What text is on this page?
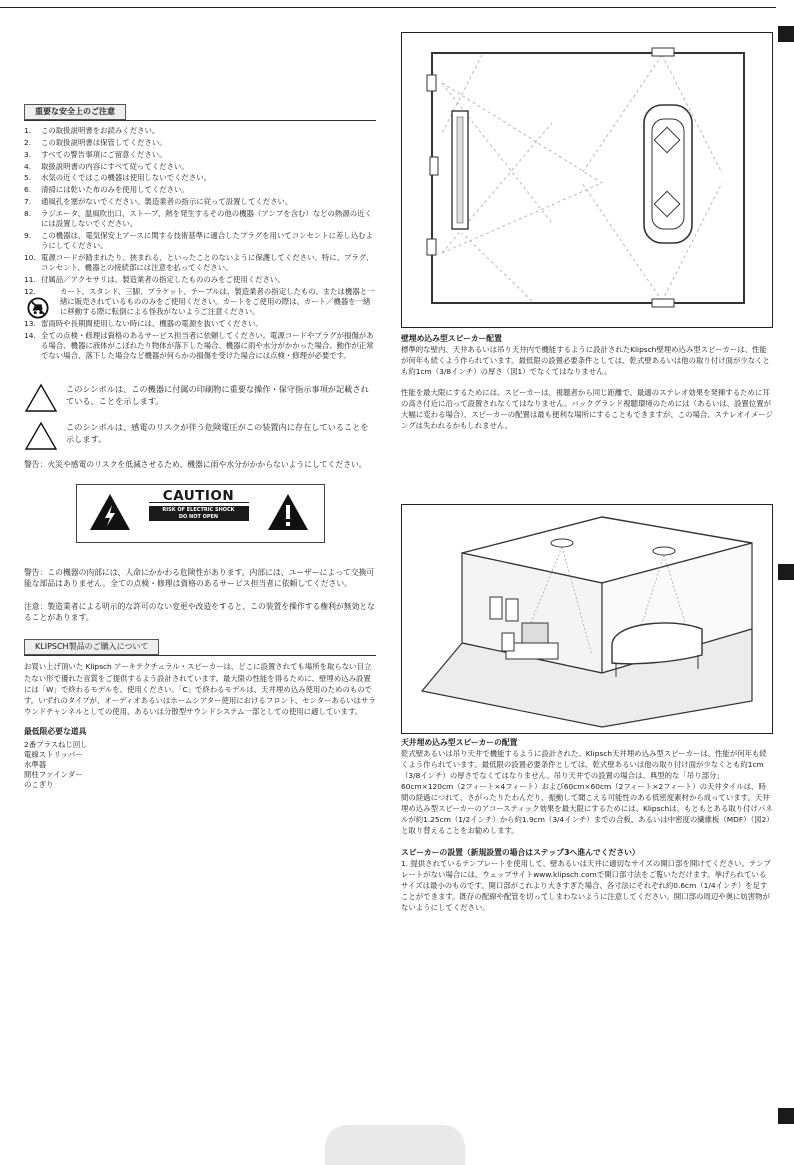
重要な安全上のご注意
1. この取扱説明書をお読みください。
2. この取扱説明書は保管してください。
3. すべての警告事項にご留意ください。
4. 取扱説明書の内容にすべて従ってください。
5. 水気の近くではこの機器は使用しないでください。
6. 清掃には乾いた布のみを使用してください。
7. 通風孔を塞がないでください。製造業者の指示に従って設置してください。
8. ラジエータ、温風吹出口、ストーブ、熱を発生するその他の機器（アンプを含む）などの熱源の近くには設置しないでください。
9. この機器は、電気保安上アースに関する技術基準に適合したプラグを用いてコンセントに差し込むようにしてください。
10. 電源コードが踏まれたり、挟まれる、といったことのないように保護してください。特に、プラグ、コンセント、機器との接続部には注意を払ってください。
11. 付属品／アクセサリは、製造業者の指定したもののみをご使用ください。
12.	カート、スタンド、三脚、ブラケット、テーブルは、製造業者の指定したもの、または機器と一緒に販売されているもののみをご使用ください。カートをご使用の際は、カート／機器を一緒に移動する際に転倒による怪我がないようご注意ください。
13. 雷雨時や長期間使用しない時には、機器の電源を抜いてください。
14. 全ての点検・修理は資格のあるサービス担当者に依頼してください。電源コードやプラグが損傷がある場合、機器に液体がこぼれたり物体が落下した場合、機器に雨や水分がかかった場合、動作が正常でない場合、落下した場合など機器が何らかの損傷を受けた場合には点検・修理が必要です。
このシンボルは、この機器に付属の印刷物に重要な操作・保守指示事項が記載されている、ことを示します。
このシンボルは、感電のリスクが伴う危険電圧がこの装置内に存在していることを示します。
警告：火災や感電のリスクを低減させるため、機器に雨や水分がかからないようにしてください。
CAUTION
RISK OF ELECTRIC SHOCK
DO NOT OPEN
警告：この機器の内部には、人命にかかわる危険性があります。内部には、ユーザーによって交換可能な部品はありません。全ての点検・修理は資格のあるサービス担当者に依頼してください。
注意：製造業者による明示的な許可のない変更や改造をすると、この装置を操作する権利が無効となることがあります。
KLIPSCH製品のご購入について
お買い上げ頂いた Klipsch アーキテクチュラル・スピーカーは、どこに設置されても場所を取らない目立たない形で優れた音質をご提供するよう設計されています。最大限の性能を得るために、壁埋め込み設置には「W」で終わるモデルを、使用ください。「C」で終わるモデルは、天井埋め込み使用のためのものです。いずれのタイプが、オーディオあるいはホームシアター使用におけるフロント、センターあるいはサラウンドチャンネルとしての使用、あるいは分散型サウンドシステム一部としての使用に適しています。
最低限必要な道具
2番プラスねじ回し
電線ストリッパー
水準器
間柱ファインダー
のこぎり
壁埋め込み型スピーカー配置
標準的な壁内、天井あるいは吊り天井内で機能するように設計されたKlipsch壁埋め込み型スピーカーは、性能が何年も続くよう作られています。最低限の設置必要条件としては、乾式壁あるいは他の取り付け面が少なくとも約1cm（3/8インチ）の厚さ（図1）でなくてはなりません。
性能を最大限にするためには、スピーカーは、視聴者から同じ距離で、最適のステレオ効果を発揮するために耳の高さ付近に沿って設置されなくてはなりません。バックグランド視聴環境のためには（あるいは、設置位置が大幅に変わる場合）、スピーカーの配置は最も便利な場所にすることもできますが、この場合、ステレオイメージングは失われるかもしれません。
天井埋め込み型スピーカーの配置
乾式壁あるいは吊り天井で機能するように設計された、Klipsch天井埋め込み型スピーカーは、性能が何年も続くよう作られています。最低限の設置必要条件としては、乾式壁あるいは他の取り付け面が少なくとも約1cm（3/8インチ）の厚さでなくてはなりません。吊り天井での設置の場合は、典型的な「吊り部分」60cm×120cm（2フィート×4フィート）および60cm×60cm（2フィート×2フィート）の天井タイルは、時間の経過につれて、さがったりたわんだり、振動して聞こえる可能性のある低密度素材から成っています。天井埋め込み型スピーカーのアコースティック効果を最大限にするためには、Klipschは、もともとある取り付けパネルが約1.25cm（1/2インチ）から約1.9cm（3/4インチ）までの合板、あるいは中密度の繊維板（MDF）（図2）と取り替えることをお勧めします。
スピーカーの設置（新規設置の場合はステップ3へ進んでください）
1. 提供されているテンプレートを使用して、壁あるいは天井に適切なサイズの開口部を開けてください。テンプレートがない場合には、ウェップサイトwww.klipsch.comで開口部寸法をご覧いただけます。挙げられているサイズは最小のものです。開口部がこれより大きすぎた場合、各寸法にそれぞれ約0.6cm（1/4インチ）を足すことができます。既存の配線や配管を切ってしまわないように注意してください。開口部の周辺や奥に妨害物がないようにしてください。
